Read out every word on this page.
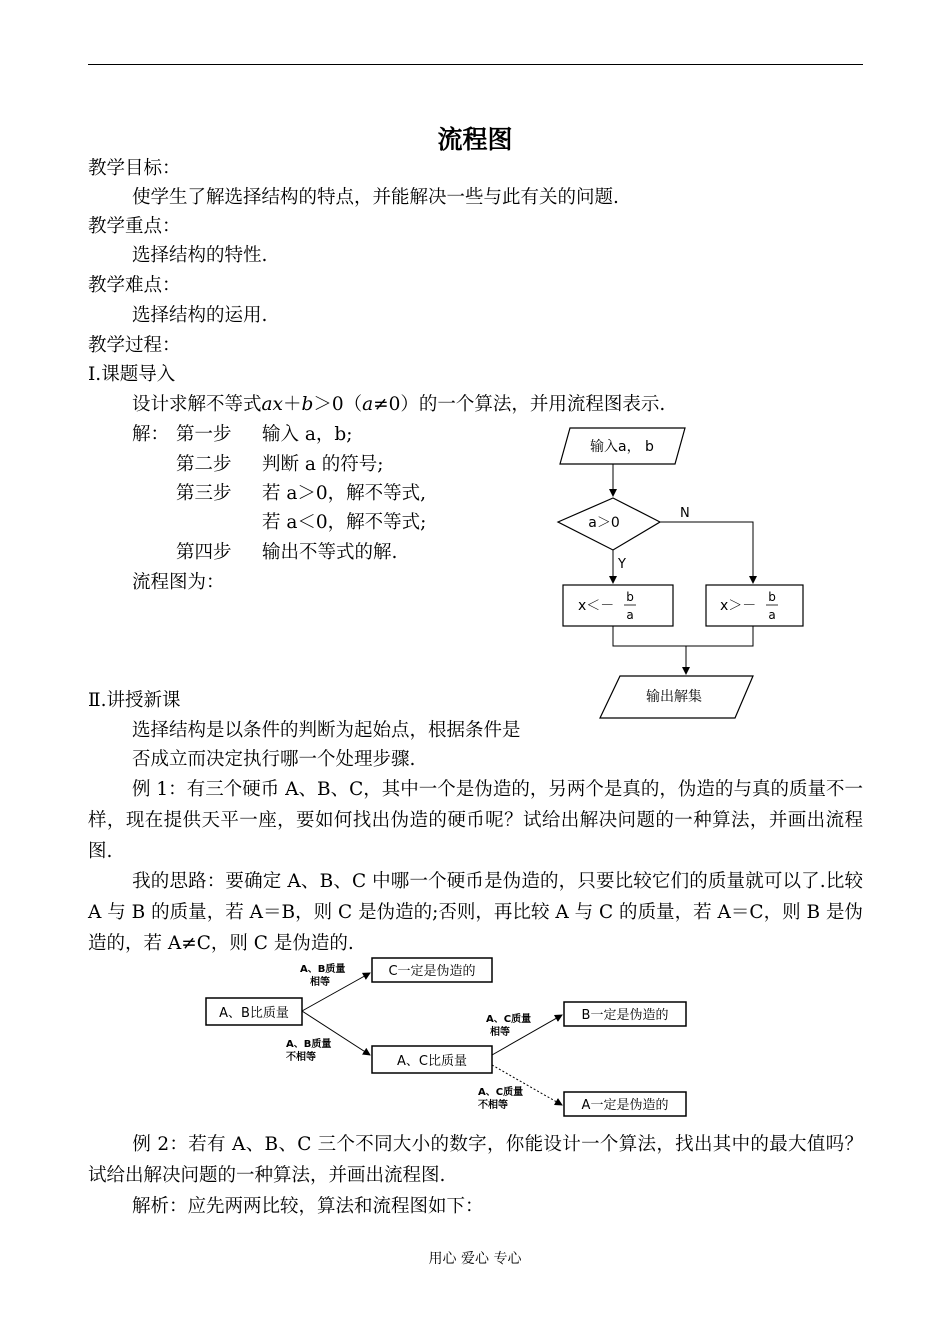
流程图
教学目标：
使学生了解选择结构的特点，并能解决一些与此有关的问题.
教学重点：
选择结构的特性.
教学难点：
选择结构的运用.
教学过程：
Ⅰ.课题导入
设计求解不等式ax＋b＞0（a≠0）的一个算法，并用流程图表示.
解： 第一步 输入 a，b;
第二步 判断 a 的符号;
第三步 若 a＞0，解不等式,
若 a＜0，解不等式;
第四步 输出不等式的解.
流程图为：
输入a， b
a＞0
Y
N
x＜－
b
a
x＞－
b
a
输出解集
Ⅱ.讲授新课
选择结构是以条件的判断为起始点，根据条件是
否成立而决定执行哪一个处理步骤.
例 1：有三个硬币 A、B、C，其中一个是伪造的，另两个是真的，伪造的与真的质量不一样，现在提供天平一座，要如何找出伪造的硬币呢？试给出解决问题的一种算法，并画出流程图.
我的思路：要确定 A、B、C 中哪一个硬币是伪造的，只要比较它们的质量就可以了.比较 A 与 B 的质量，若 A＝B，则 C 是伪造的;否则，再比较 A 与 C 的质量，若 A＝C，则 B 是伪造的，若 A≠C，则 C 是伪造的.
A、B比质量
C一定是伪造的
A、C比质量
B一定是伪造的
A一定是伪造的
A、B质量
相等
A、B质量
不相等
A、C质量
相等
A、C质量
不相等
例 2：若有 A、B、C 三个不同大小的数字，你能设计一个算法，找出其中的最大值吗？试给出解决问题的一种算法，并画出流程图.
解析：应先两两比较，算法和流程图如下：
用心 爱心 专心
